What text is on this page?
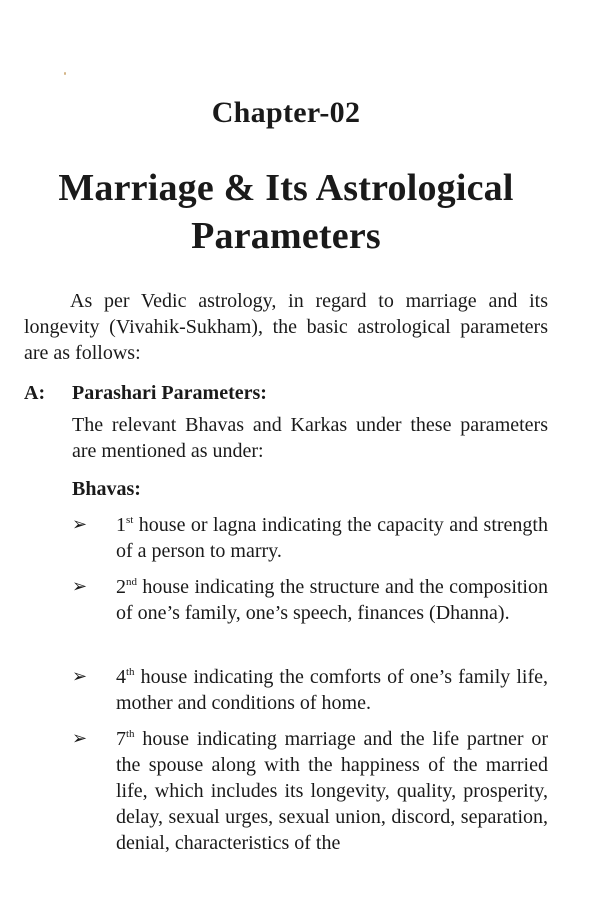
Chapter-02
Marriage & Its Astrological
Parameters
As per Vedic astrology, in regard to marriage and its longevity (Vivahik-Sukham), the basic astrological parameters are as follows:
A: Parashari Parameters:
The relevant Bhavas and Karkas under these parameters are mentioned as under:
Bhavas:
➢ 1st house or lagna indicating the capacity and strength of a person to marry.
➢ 2nd house indicating the structure and the composition of one’s family, one’s speech, finances (Dhanna).
➢ 4th house indicating the comforts of one’s family life, mother and conditions of home.
➢ 7th house indicating marriage and the life partner or the spouse along with the happiness of the married life, which includes its longevity, quality, prosperity, delay, sexual urges, sexual union, discord, separation, denial, characteristics of the
